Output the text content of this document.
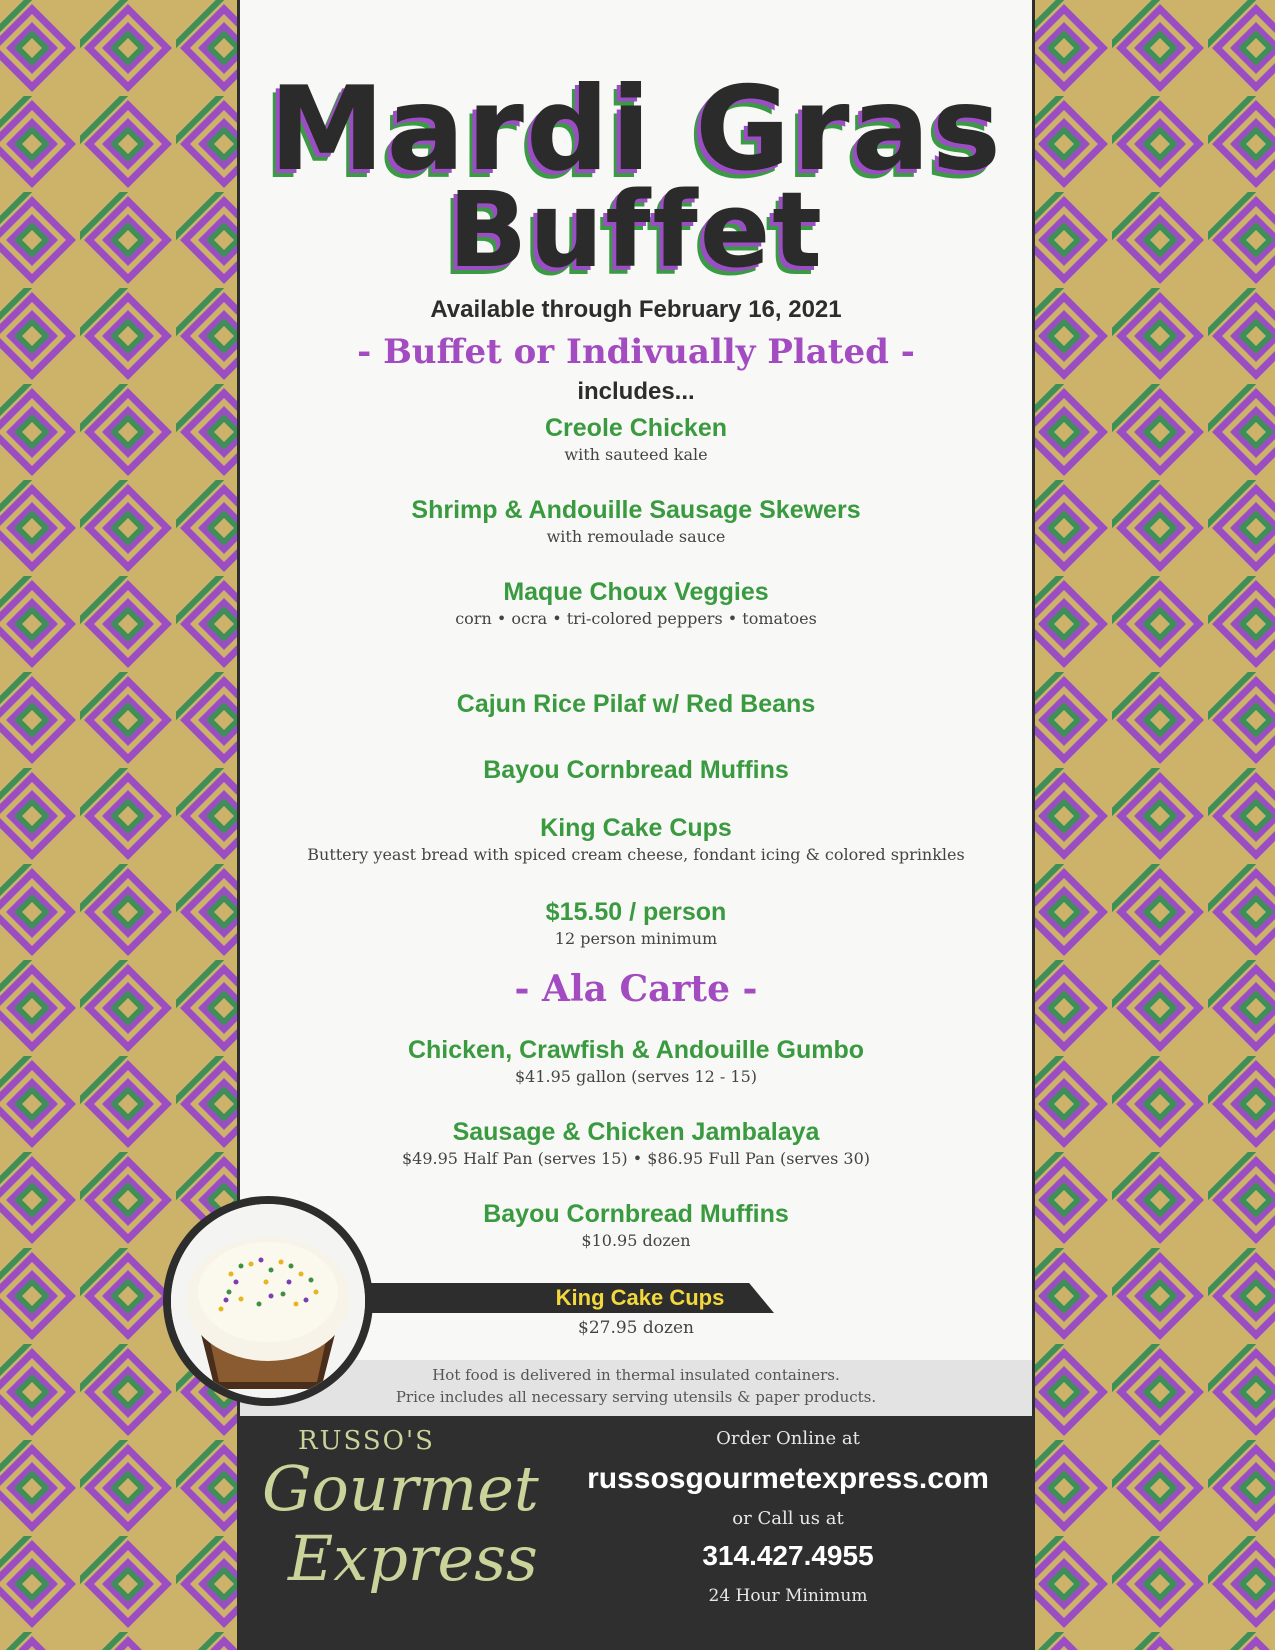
Mardi Gras
Buffet
Available through February 16, 2021
- Buffet or Indivually Plated -
includes...
Creole Chicken
with sauteed kale
Shrimp & Andouille Sausage Skewers
with remoulade sauce
Maque Choux Veggies
corn • ocra • tri-colored peppers • tomatoes
Cajun Rice Pilaf w/ Red Beans
Bayou Cornbread Muffins
King Cake Cups
Buttery yeast bread with spiced cream cheese, fondant icing & colored sprinkles
$15.50 / person
12 person minimum
- Ala Carte -
Chicken, Crawfish & Andouille Gumbo
$41.95 gallon (serves 12 - 15)
Sausage & Chicken Jambalaya
$49.95 Half Pan (serves 15) • $86.95 Full Pan (serves 30)
Bayou Cornbread Muffins
$10.95 dozen
King Cake Cups
$27.95 dozen
Hot food is delivered in thermal insulated containers.
Price includes all necessary serving utensils & paper products.
RUSSO'S
Gourmet
Express
Order Online at
russosgourmetexpress.com
or Call us at
314.427.4955
24 Hour Minimum
